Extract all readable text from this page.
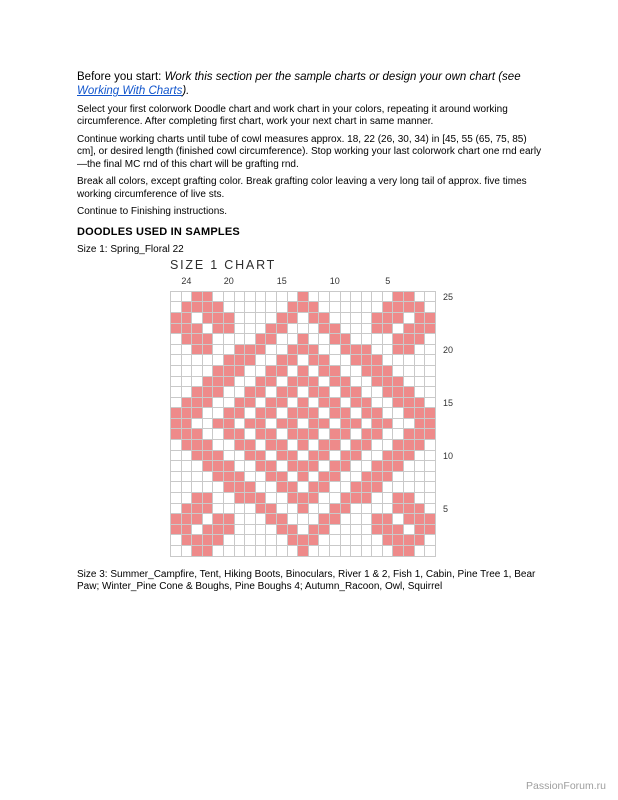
Before you start: Work this section per the sample charts or design your own chart (see Working With Charts).

Select your first colorwork Doodle chart and work chart in your colors, repeating it around working circumference. After completing first chart, work your next chart in same manner.

Continue working charts until tube of cowl measures approx. 18, 22 (26, 30, 34) in [45, 55 (65, 75, 85) cm], or desired length (finished cowl circumference). Stop working your last colorwork chart one rnd early—the final MC rnd of this chart will be grafting rnd.

Break all colors, except grafting color. Break grafting color leaving a very long tail of approx. five times working circumference of live sts.

Continue to Finishing instructions.

DOODLES USED IN SAMPLES

Size 1: Spring_Floral 22

SIZE 1 CHART
24	20	15	10	5
25
20
15
10
5

Size 3: Summer_Campfire, Tent, Hiking Boots, Binoculars, River 1 & 2, Fish 1, Cabin, Pine Tree 1, Bear Paw; Winter_Pine Cone & Boughs, Pine Boughs 4; Autumn_Racoon, Owl, Squirrel

PassionForum.ru
